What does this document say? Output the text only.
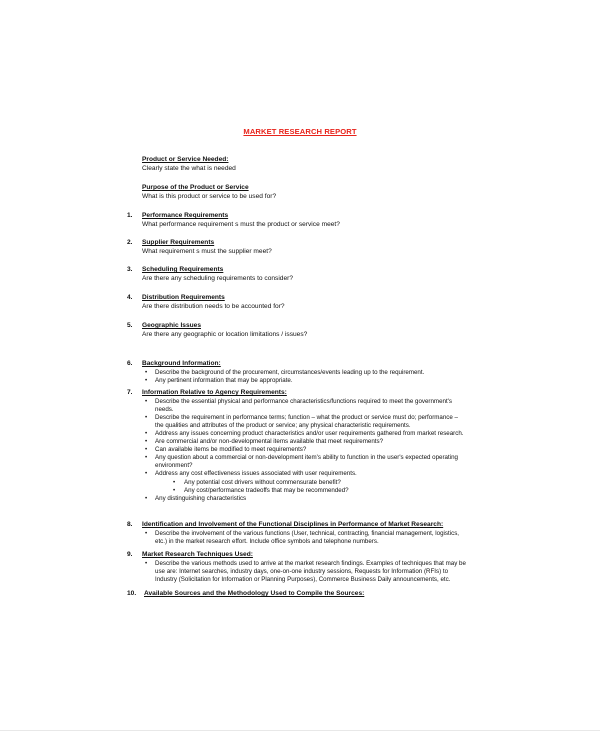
MARKET RESEARCH REPORT
Product or Service Needed:
Clearly state the what is needed
Purpose of the Product or Service
What is this product or service to be used for?
1. Performance Requirements
What performance requirement s must the product or service meet?
2. Supplier Requirements
What requirement s must the supplier meet?
3. Scheduling Requirements
Are there any scheduling requirements to consider?
4. Distribution Requirements
Are there distribution needs to be accounted for?
5. Geographic Issues
Are there any geographic or location limitations / issues?
6. Background Information:
• Describe the background of the procurement, circumstances/events leading up to the requirement.
• Any pertinent information that may be appropriate.
7. Information Relative to Agency Requirements:
• Describe the essential physical and performance characteristics/functions required to meet the government's needs.
• Describe the requirement in performance terms; function – what the product or service must do; performance – the qualities and attributes of the product or service; any physical characteristic requirements.
• Address any issues concerning product characteristics and/or user requirements gathered from market research.
• Are commercial and/or non-developmental items available that meet requirements?
• Can available items be modified to meet requirements?
• Any question about a commercial or non-development item's ability to function in the user's expected operating environment?
• Address any cost effectiveness issues associated with user requirements.
• Any potential cost drivers without commensurate benefit?
• Any cost/performance tradeoffs that may be recommended?
• Any distinguishing characteristics
8. Identification and Involvement of the Functional Disciplines in Performance of Market Research:
• Describe the involvement of the various functions (User, technical, contracting, financial management, logistics, etc.) in the market research effort. Include office symbols and telephone numbers.
9. Market Research Techniques Used:
• Describe the various methods used to arrive at the market research findings. Examples of techniques that may be use are: Internet searches, industry days, one-on-one industry sessions, Requests for Information (RFIs) to Industry (Solicitation for Information or Planning Purposes), Commerce Business Daily announcements, etc.
10. Available Sources and the Methodology Used to Compile the Sources:
